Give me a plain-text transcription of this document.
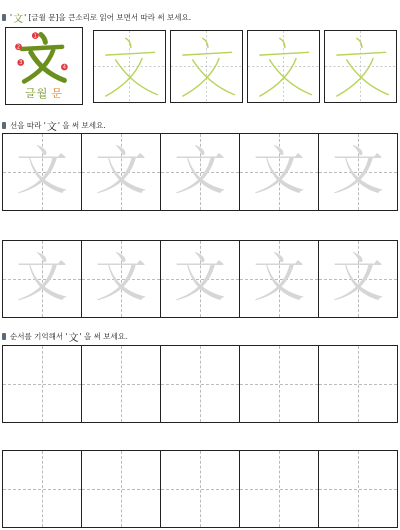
' 文 ' [글월 문]을 큰소리로 읽어 보면서 따라 써 보세요.
1
2
3
4
글월 문
선을 따라 ' 文 ' 을 써 보세요.
文 文 文 文 文
文 文 文 文 文
순서를 기억해서 ' 文 ' 을 써 보세요.
